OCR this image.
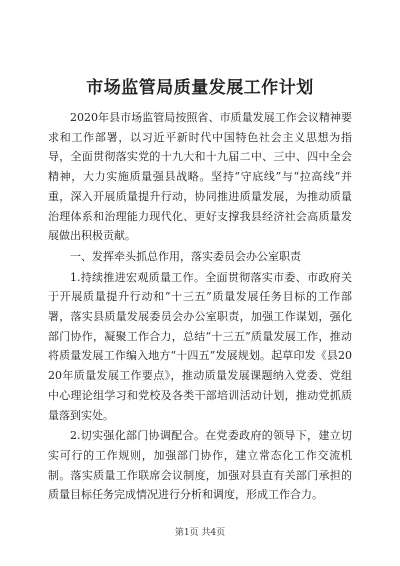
市场监管局质量发展工作计划

2020年县市场监管局按照省、市质量发展工作会议精神要求和工作部署，以习近平新时代中国特色社会主义思想为指导，全面贯彻落实党的十九大和十九届二中、三中、四中全会精神，大力实施质量强县战略。坚持“守底线”与“拉高线”并重，深入开展质量提升行动，协同推进质量发展，为推动质量治理体系和治理能力现代化、更好支撑我县经济社会高质量发展做出积极贡献。

一、发挥牵头抓总作用，落实委员会办公室职责

1.持续推进宏观质量工作。全面贯彻落实市委、市政府关于开展质量提升行动和“十三五”质量发展任务目标的工作部署，落实县质量发展委员会办公室职责，加强工作谋划，强化部门协作，凝聚工作合力，总结“十三五”质量发展工作，推动将质量发展工作编入地方“十四五”发展规划。起草印发《县2020年质量发展工作要点》，推动质量发展课题纳入党委、党组中心理论组学习和党校及各类干部培训活动计划，推动党抓质量落到实处。

2.切实强化部门协调配合。在党委政府的领导下，建立切实可行的工作规则，加强部门协作，建立常态化工作交流机制。落实质量工作联席会议制度，加强对县直有关部门承担的质量目标任务完成情况进行分析和调度，形成工作合力。

第1页 共4页
